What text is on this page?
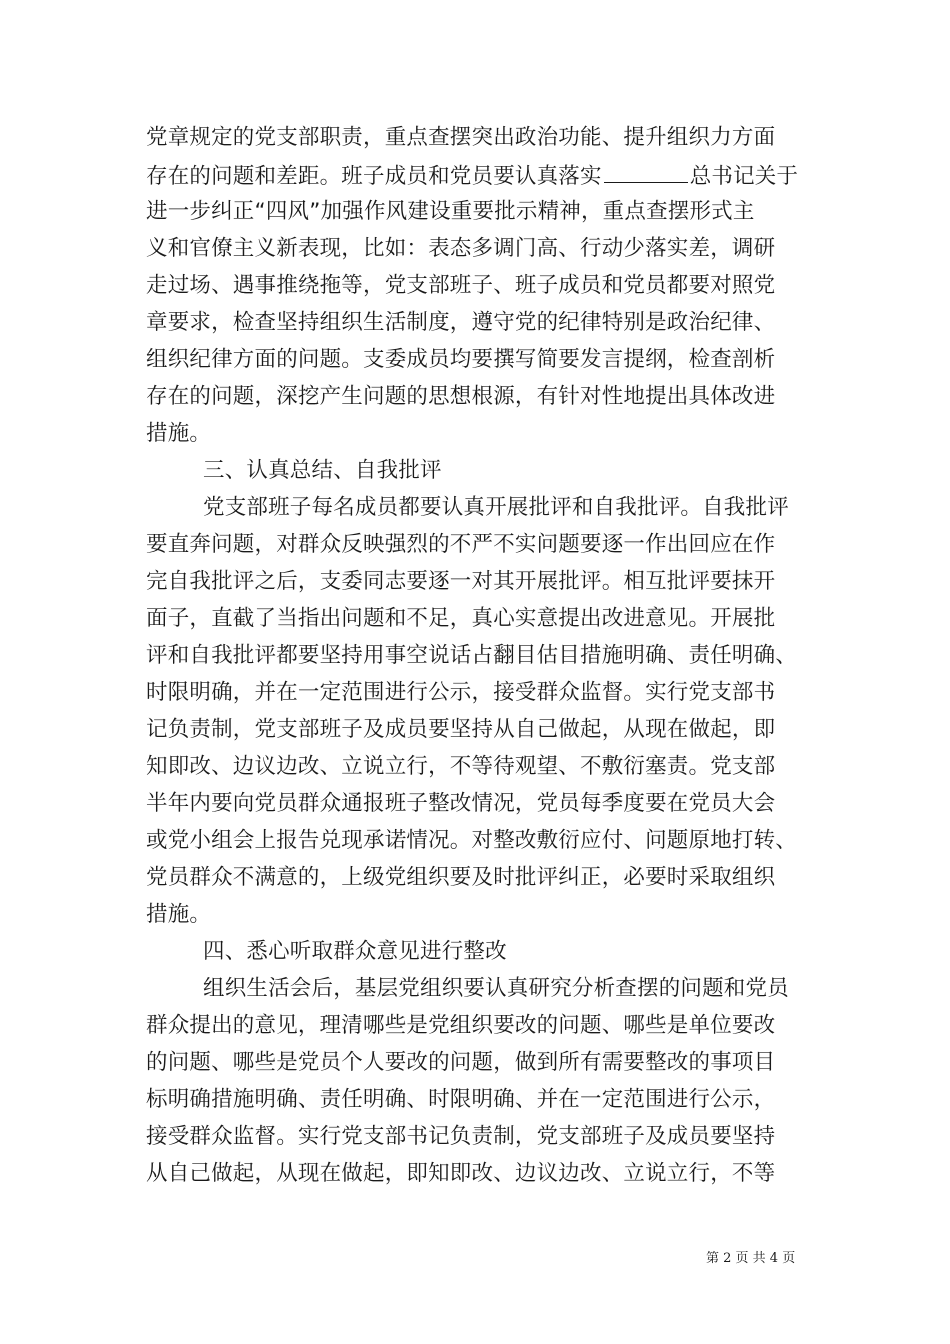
党章规定的党支部职责，重点查摆突出政治功能、提升组织力方面
存在的问题和差距。班子成员和党员要认真落实	总书记关于
进一步纠正“四风”加强作风建设重要批示精神，重点查摆形式主
义和官僚主义新表现，比如：表态多调门高、行动少落实差，调研
走过场、遇事推绕拖等，党支部班子、班子成员和党员都要对照党
章要求，检查坚持组织生活制度，遵守党的纪律特别是政治纪律、
组织纪律方面的问题。支委成员均要撰写简要发言提纲，检查剖析
存在的问题，深挖产生问题的思想根源，有针对性地提出具体改进
措施。
三、认真总结、自我批评
党支部班子每名成员都要认真开展批评和自我批评。自我批评
要直奔问题，对群众反映强烈的不严不实问题要逐一作出回应在作
完自我批评之后，支委同志要逐一对其开展批评。相互批评要抹开
面子，直截了当指出问题和不足，真心实意提出改进意见。开展批
评和自我批评都要坚持用事空说话占翻目估目措施明确、责任明确、
时限明确，并在一定范围进行公示，接受群众监督。实行党支部书
记负责制，党支部班子及成员要坚持从自己做起，从现在做起，即
知即改、边议边改、立说立行，不等待观望、不敷衍塞责。党支部
半年内要向党员群众通报班子整改情况，党员每季度要在党员大会
或党小组会上报告兑现承诺情况。对整改敷衍应付、问题原地打转、
党员群众不满意的，上级党组织要及时批评纠正，必要时采取组织
措施。
四、悉心听取群众意见进行整改
组织生活会后，基层党组织要认真研究分析查摆的问题和党员
群众提出的意见，理清哪些是党组织要改的问题、哪些是单位要改
的问题、哪些是党员个人要改的问题，做到所有需要整改的事项目
标明确措施明确、责任明确、时限明确、并在一定范围进行公示，
接受群众监督。实行党支部书记负责制，党支部班子及成员要坚持
从自己做起，从现在做起，即知即改、边议边改、立说立行，不等
第 2 页 共 4 页
